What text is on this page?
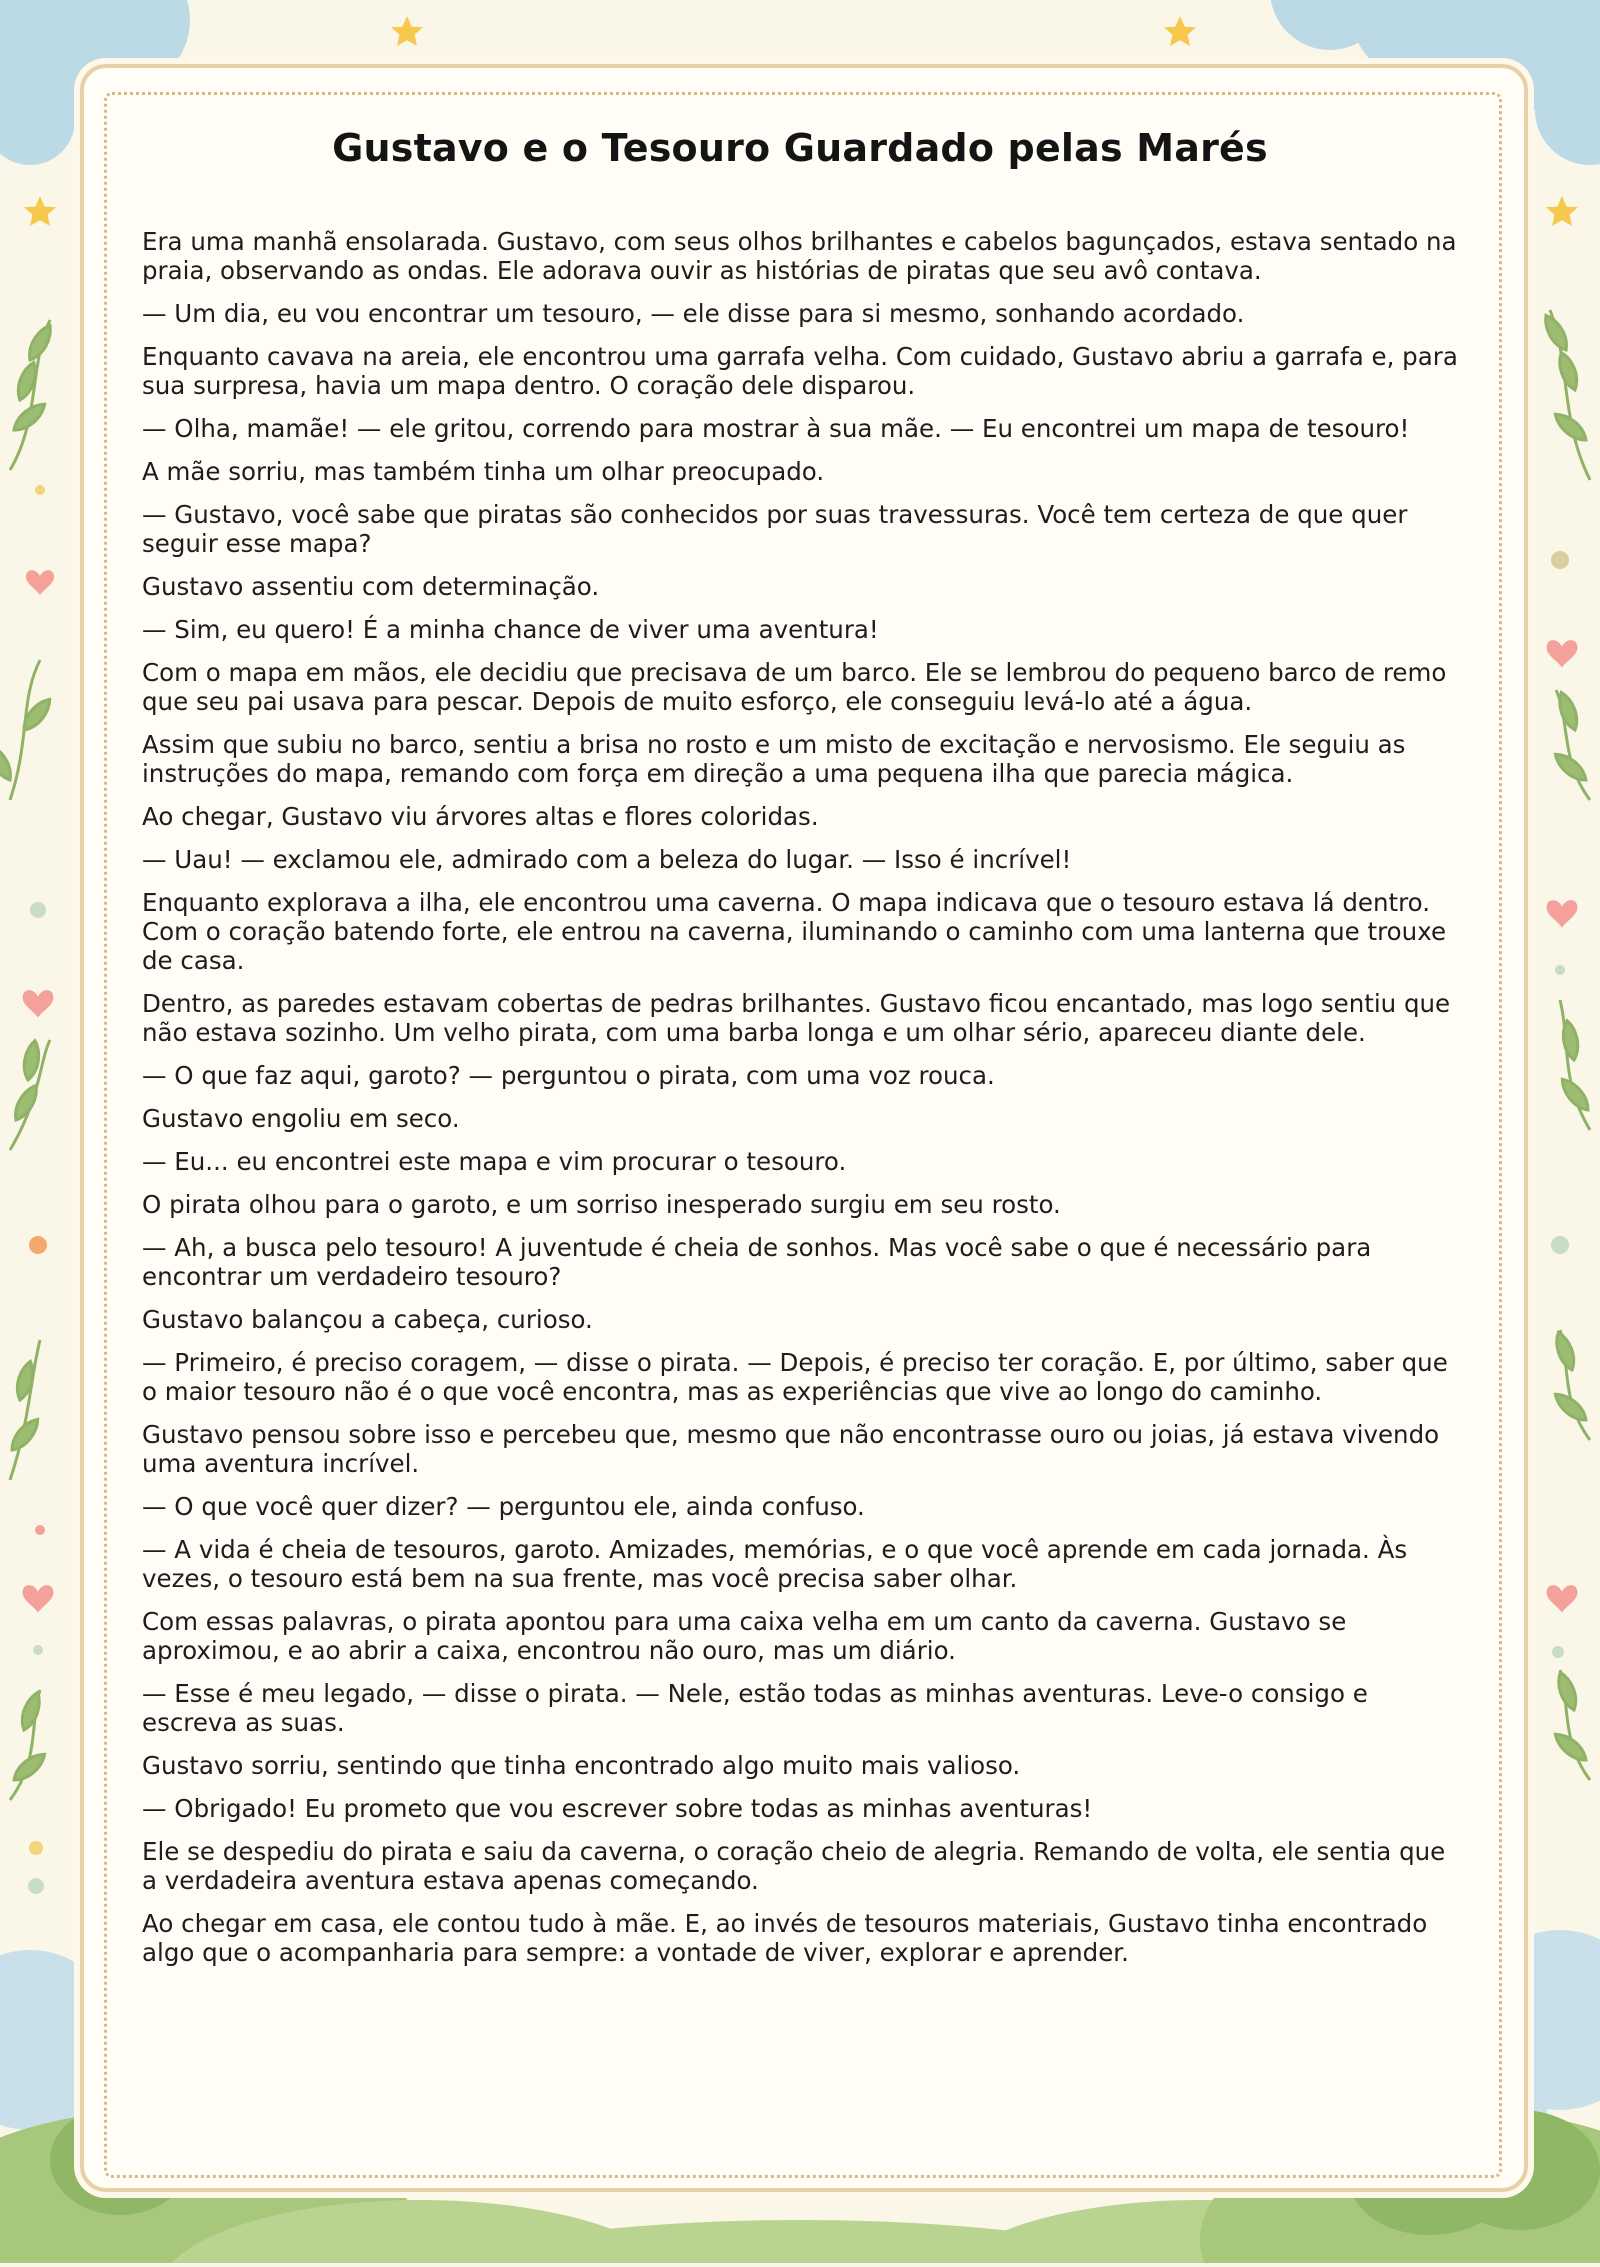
Gustavo e o Tesouro Guardado pelas Marés

Era uma manhã ensolarada. Gustavo, com seus olhos brilhantes e cabelos bagunçados, estava sentado na praia, observando as ondas. Ele adorava ouvir as histórias de piratas que seu avô contava.

— Um dia, eu vou encontrar um tesouro, — ele disse para si mesmo, sonhando acordado.

Enquanto cavava na areia, ele encontrou uma garrafa velha. Com cuidado, Gustavo abriu a garrafa e, para sua surpresa, havia um mapa dentro. O coração dele disparou.

— Olha, mamãe! — ele gritou, correndo para mostrar à sua mãe. — Eu encontrei um mapa de tesouro!

A mãe sorriu, mas também tinha um olhar preocupado.

— Gustavo, você sabe que piratas são conhecidos por suas travessuras. Você tem certeza de que quer seguir esse mapa?

Gustavo assentiu com determinação.

— Sim, eu quero! É a minha chance de viver uma aventura!

Com o mapa em mãos, ele decidiu que precisava de um barco. Ele se lembrou do pequeno barco de remo que seu pai usava para pescar. Depois de muito esforço, ele conseguiu levá-lo até a água.

Assim que subiu no barco, sentiu a brisa no rosto e um misto de excitação e nervosismo. Ele seguiu as instruções do mapa, remando com força em direção a uma pequena ilha que parecia mágica.

Ao chegar, Gustavo viu árvores altas e flores coloridas.

— Uau! — exclamou ele, admirado com a beleza do lugar. — Isso é incrível!

Enquanto explorava a ilha, ele encontrou uma caverna. O mapa indicava que o tesouro estava lá dentro. Com o coração batendo forte, ele entrou na caverna, iluminando o caminho com uma lanterna que trouxe de casa.

Dentro, as paredes estavam cobertas de pedras brilhantes. Gustavo ficou encantado, mas logo sentiu que não estava sozinho. Um velho pirata, com uma barba longa e um olhar sério, apareceu diante dele.

— O que faz aqui, garoto? — perguntou o pirata, com uma voz rouca.

Gustavo engoliu em seco.

— Eu... eu encontrei este mapa e vim procurar o tesouro.

O pirata olhou para o garoto, e um sorriso inesperado surgiu em seu rosto.

— Ah, a busca pelo tesouro! A juventude é cheia de sonhos. Mas você sabe o que é necessário para encontrar um verdadeiro tesouro?

Gustavo balançou a cabeça, curioso.

— Primeiro, é preciso coragem, — disse o pirata. — Depois, é preciso ter coração. E, por último, saber que o maior tesouro não é o que você encontra, mas as experiências que vive ao longo do caminho.

Gustavo pensou sobre isso e percebeu que, mesmo que não encontrasse ouro ou joias, já estava vivendo uma aventura incrível.

— O que você quer dizer? — perguntou ele, ainda confuso.

— A vida é cheia de tesouros, garoto. Amizades, memórias, e o que você aprende em cada jornada. Às vezes, o tesouro está bem na sua frente, mas você precisa saber olhar.

Com essas palavras, o pirata apontou para uma caixa velha em um canto da caverna. Gustavo se aproximou, e ao abrir a caixa, encontrou não ouro, mas um diário.

— Esse é meu legado, — disse o pirata. — Nele, estão todas as minhas aventuras. Leve-o consigo e escreva as suas.

Gustavo sorriu, sentindo que tinha encontrado algo muito mais valioso.

— Obrigado! Eu prometo que vou escrever sobre todas as minhas aventuras!

Ele se despediu do pirata e saiu da caverna, o coração cheio de alegria. Remando de volta, ele sentia que a verdadeira aventura estava apenas começando.

Ao chegar em casa, ele contou tudo à mãe. E, ao invés de tesouros materiais, Gustavo tinha encontrado algo que o acompanharia para sempre: a vontade de viver, explorar e aprender.
